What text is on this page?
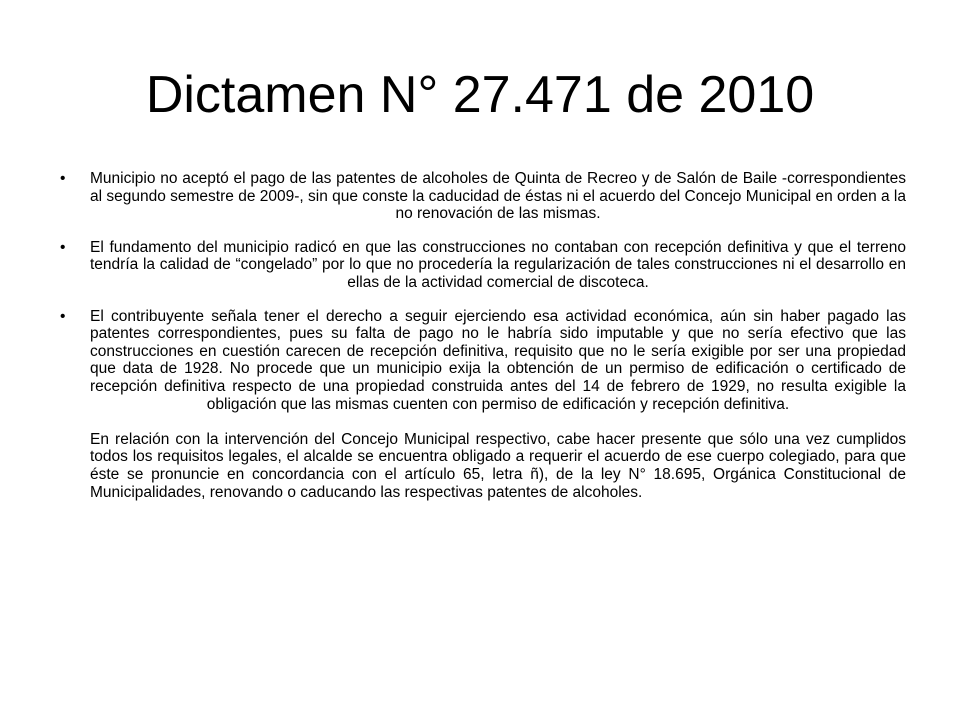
Dictamen N° 27.471 de 2010
•	Municipio no aceptó el pago de las patentes de alcoholes de Quinta de Recreo y de Salón de Baile -correspondientes al segundo semestre de 2009-, sin que conste la caducidad de éstas ni el acuerdo del Concejo Municipal en orden a la no renovación de las mismas.

•	El fundamento del municipio radicó en que las construcciones no contaban con recepción definitiva y que el terreno tendría la calidad de “congelado” por lo que no procedería la regularización de tales construcciones ni el desarrollo en ellas de la actividad comercial de discoteca.

•	El contribuyente señala tener el derecho a seguir ejerciendo esa actividad económica, aún sin haber pagado las patentes correspondientes, pues su falta de pago no le habría sido imputable y que no sería efectivo que las construcciones en cuestión carecen de recepción definitiva, requisito que no le sería exigible por ser una propiedad que data de 1928. No procede que un municipio exija la obtención de un permiso de edificación o certificado de recepción definitiva respecto de una propiedad construida antes del 14 de febrero de 1929, no resulta exigible la obligación que las mismas cuenten con permiso de edificación y recepción definitiva.

En relación con la intervención del Concejo Municipal respectivo, cabe hacer presente que sólo una vez cumplidos todos los requisitos legales, el alcalde se encuentra obligado a requerir el acuerdo de ese cuerpo colegiado, para que éste se pronuncie en concordancia con el artículo 65, letra ñ), de la ley N° 18.695, Orgánica Constitucional de Municipalidades, renovando o caducando las respectivas patentes de alcoholes.
